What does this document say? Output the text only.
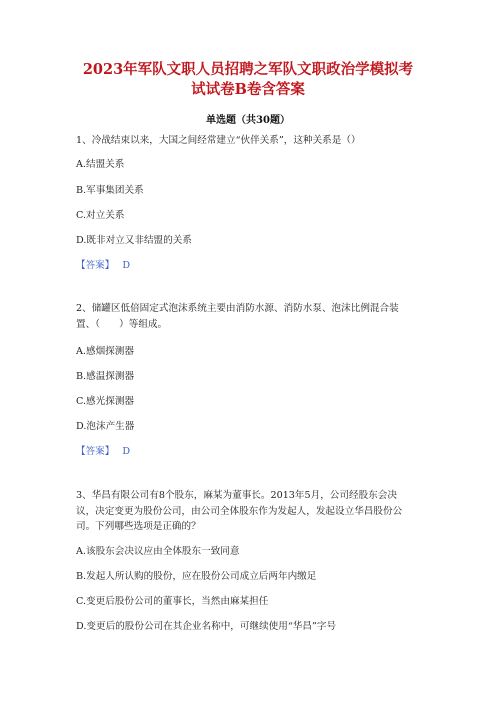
2023年军队文职人员招聘之军队文职政治学模拟考
试试卷B卷含答案
单选题（共30题）
1、冷战结束以来，大国之间经常建立“伙伴关系”，这种关系是（）
A.结盟关系
B.军事集团关系
C.对立关系
D.既非对立又非结盟的关系
【答案】 D
2、储罐区低倍固定式泡沫系统主要由消防水源、消防水泵、泡沫比例混合装
置、（　　）等组成。
A.感烟探测器
B.感温探测器
C.感光探测器
D.泡沫产生器
【答案】 D
3、华昌有限公司有8个股东，麻某为董事长。2013年5月，公司经股东会决
议，决定变更为股份公司，由公司全体股东作为发起人，发起设立华昌股份公
司。下列哪些选项是正确的？
A.该股东会决议应由全体股东一致同意
B.发起人所认购的股份，应在股份公司成立后两年内缴足
C.变更后股份公司的董事长，当然由麻某担任
D.变更后的股份公司在其企业名称中，可继续使用“华昌”字号
